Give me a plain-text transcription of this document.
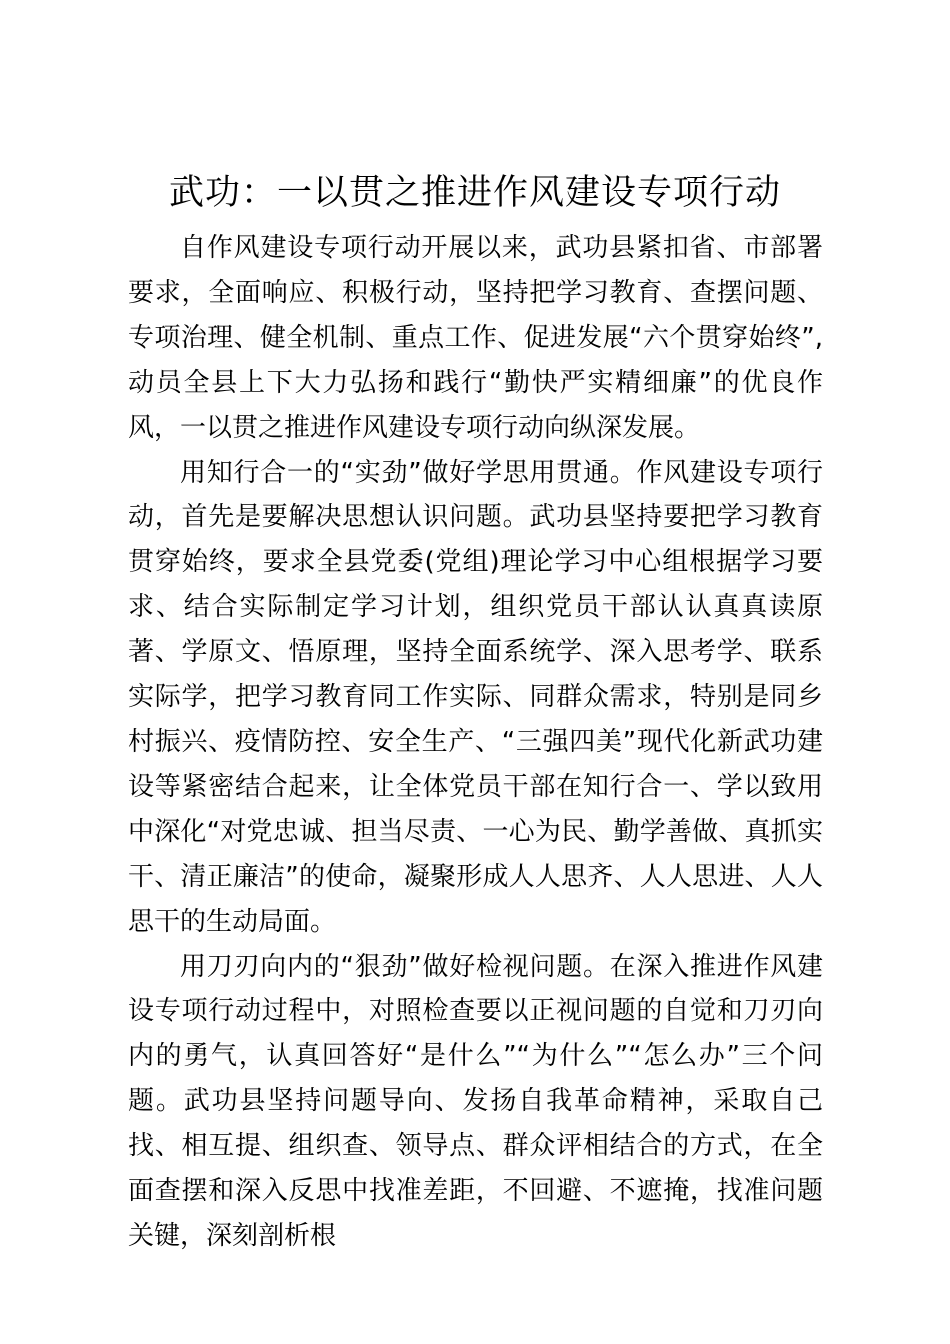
武功：一以贯之推进作风建设专项行动

自作风建设专项行动开展以来，武功县紧扣省、市部署要求，全面响应、积极行动，坚持把学习教育、查摆问题、专项治理、健全机制、重点工作、促进发展“六个贯穿始终”,动员全县上下大力弘扬和践行“勤快严实精细廉”的优良作风，一以贯之推进作风建设专项行动向纵深发展。

用知行合一的“实劲”做好学思用贯通。作风建设专项行动，首先是要解决思想认识问题。武功县坚持要把学习教育贯穿始终，要求全县党委(党组)理论学习中心组根据学习要求、结合实际制定学习计划，组织党员干部认认真真读原著、学原文、悟原理，坚持全面系统学、深入思考学、联系实际学，把学习教育同工作实际、同群众需求，特别是同乡村振兴、疫情防控、安全生产、“三强四美”现代化新武功建设等紧密结合起来，让全体党员干部在知行合一、学以致用中深化“对党忠诚、担当尽责、一心为民、勤学善做、真抓实干、清正廉洁”的使命，凝聚形成人人思齐、人人思进、人人思干的生动局面。

用刀刃向内的“狠劲”做好检视问题。在深入推进作风建设专项行动过程中，对照检查要以正视问题的自觉和刀刃向内的勇气，认真回答好“是什么”“为什么”“怎么办”三个问题。武功县坚持问题导向、发扬自我革命精神，采取自己找、相互提、组织查、领导点、群众评相结合的方式，在全面查摆和深入反思中找准差距，不回避、不遮掩，找准问题关键，深刻剖析根
